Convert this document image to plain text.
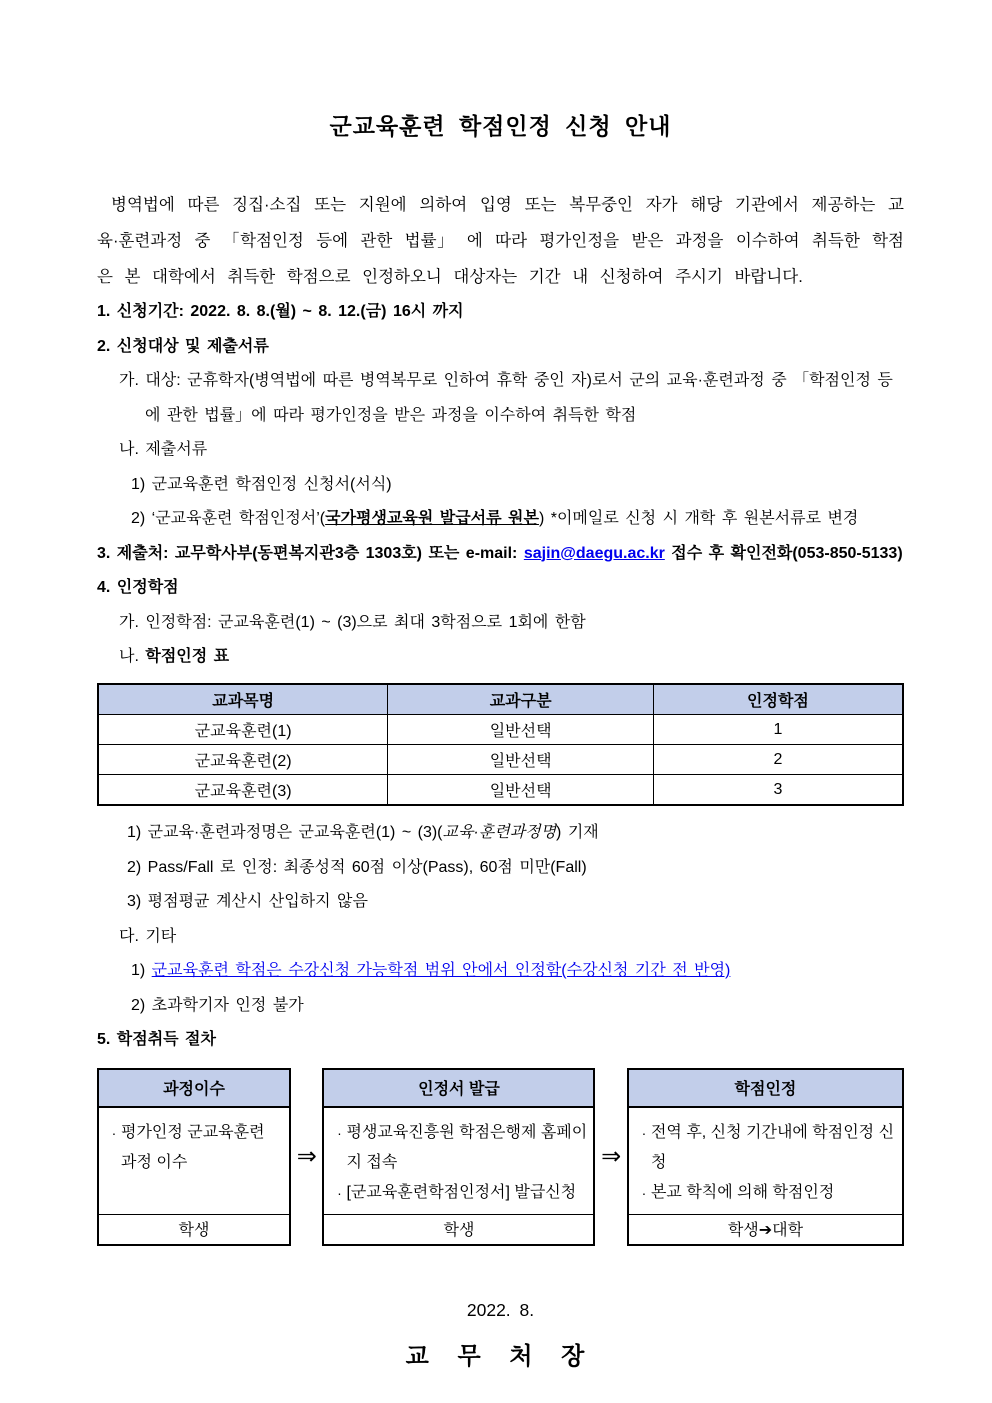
군교육훈련 학점인정 신청 안내

병역법에 따른 징집·소집 또는 지원에 의하여 입영 또는 복무중인 자가 해당 기관에서 제공하는 교육·훈련과정 중 「학점인정 등에 관한 법률」 에 따라 평가인정을 받은 과정을 이수하여 취득한 학점은 본 대학에서 취득한 학점으로 인정하오니 대상자는 기간 내 신청하여 주시기 바랍니다.

1. 신청기간: 2022. 8. 8.(월) ~ 8. 12.(금) 16시 까지
2. 신청대상 및 제출서류
가. 대상: 군휴학자(병역법에 따른 병역복무로 인하여 휴학 중인 자)로서 군의 교육·훈련과정 중 「학점인정 등에 관한 법률」에 따라 평가인정을 받은 과정을 이수하여 취득한 학점
나. 제출서류
1) 군교육훈련 학점인정 신청서(서식)
2) ‘군교육훈련 학점인정서’(국가평생교육원 발급서류 원본) *이메일로 신청 시 개학 후 원본서류로 변경
3. 제출처: 교무학사부(동편복지관3층 1303호) 또는 e-mail: sajin@daegu.ac.kr 접수 후 확인전화(053-850-5133)
4. 인정학점
가. 인정학점: 군교육훈련(1) ~ (3)으로 최대 3학점으로 1회에 한함
나. 학점인정 표
교과목명	교과구분	인정학점
군교육훈련(1)	일반선택	1
군교육훈련(2)	일반선택	2
군교육훈련(3)	일반선택	3
1) 군교육·훈련과정명은 군교육훈련(1) ~ (3)(교육·훈련과정명) 기재
2) Pass/Fall 로 인정: 최종성적 60점 이상(Pass), 60점 미만(Fall)
3) 평점평균 계산시 산입하지 않음
다. 기타
1) 군교육훈련 학점은 수강신청 가능학점 범위 안에서 인정함(수강신청 기간 전 반영)
2) 초과학기자 인정 불가
5. 학점취득 절차
과정이수
· 평가인정 군교육훈련 과정 이수
학생
⇒
인정서 발급
· 평생교육진흥원 학점은행제 홈페이지 접속
· [군교육훈련학점인정서] 발급신청
학생
⇒
학점인정
· 전역 후, 신청 기간내에 학점인정 신청
· 본교 학칙에 의해 학점인정
학생➔대학
2022. 8.
교 무 처 장
